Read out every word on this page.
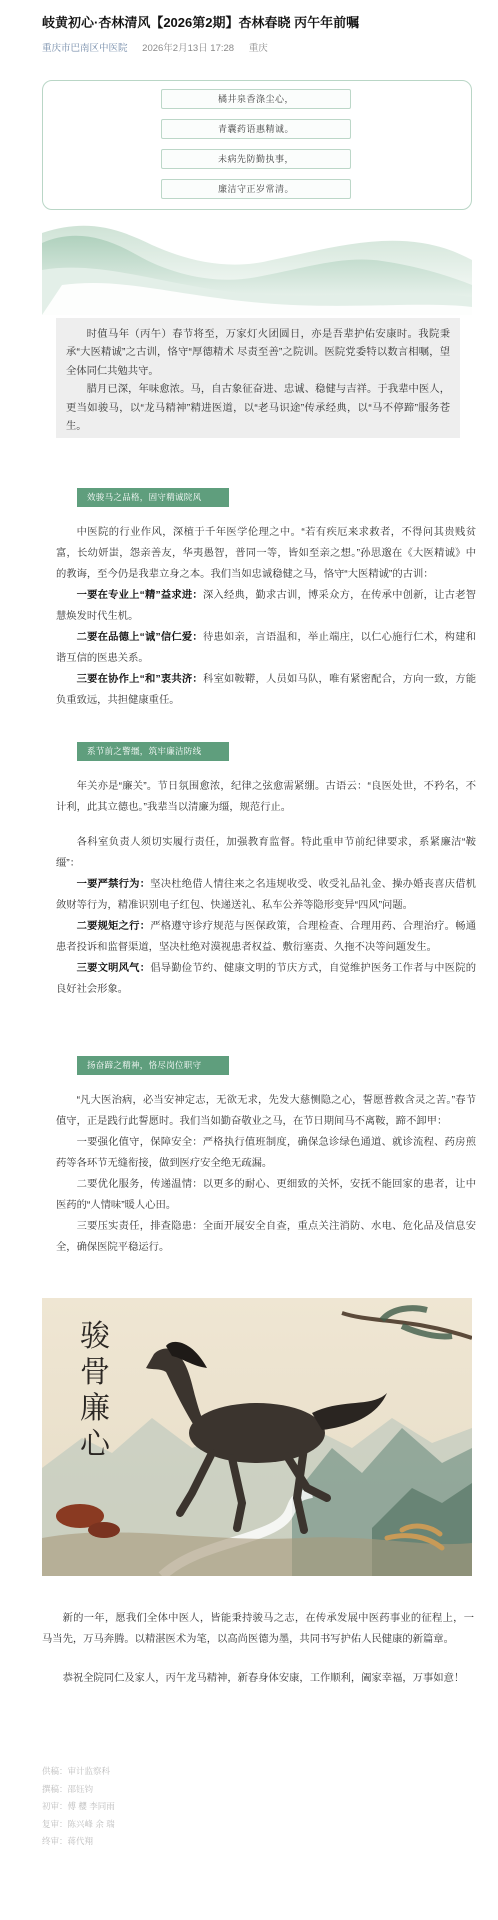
岐黄初心·杏林清风【2026第2期】杏林春晓 丙午年前嘱
重庆市巴南区中医院 2026年2月13日 17:28 重庆
橘井泉香涤尘心，
青囊药语惠精诚。
未病先防勤执事，
廉洁守正岁常清。

时值马年（丙午）春节将至，万家灯火团圆日，亦是吾辈护佑安康时。我院秉承“大医精诚”之古训，恪守“厚德精术 尽责至善”之院训。医院党委特以数言相嘱，望全体同仁共勉共守。

腊月已深，年味愈浓。马，自古象征奋进、忠诚、稳健与吉祥。于我辈中医人，更当如骏马，以“龙马精神”精进医道，以“老马识途”传承经典，以“马不停蹄”服务苍生。

效骏马之品格，固守精诚院风

中医院的行业作风，深植于千年医学伦理之中。“若有疾厄来求救者，不得问其贵贱贫富，长幼妍蚩，怨亲善友，华夷愚智，普同一等，皆如至亲之想。”孙思邈在《大医精诚》中的教诲，至今仍是我辈立身之本。我们当如忠诚稳健之马，恪守“大医精诚”的古训：

一要在专业上“精”益求进：深入经典，勤求古训，博采众方，在传承中创新，让古老智慧焕发时代生机。

二要在品德上“诚”信仁爱：待患如亲，言语温和，举止端庄，以仁心施行仁术，构建和谐互信的医患关系。

三要在协作上“和”衷共济：科室如鞍鞯，人员如马队，唯有紧密配合，方向一致，方能负重致远，共担健康重任。

系节前之警缰，筑牢廉洁防线

年关亦是“廉关”。节日氛围愈浓，纪律之弦愈需紧绷。古语云：“良医处世，不矜名，不计利，此其立德也。”我辈当以清廉为缰，规范行止。

各科室负责人须切实履行责任，加强教育监督。特此重申节前纪律要求，系紧廉洁“鞍缰”：

一要严禁行为：坚决杜绝借人情往来之名违规收受、收受礼品礼金、操办婚丧喜庆借机敛财等行为，精准识别电子红包、快递送礼、私车公养等隐形变异“四风”问题。

二要规矩之行：严格遵守诊疗规范与医保政策，合理检查、合理用药、合理治疗。畅通患者投诉和监督渠道，坚决杜绝对漠视患者权益、敷衍塞责、久拖不决等问题发生。

三要文明风气：倡导勤俭节约、健康文明的节庆方式，自觉维护医务工作者与中医院的良好社会形象。

扬奋蹄之精神，恪尽岗位职守

“凡大医治病，必当安神定志，无欲无求，先发大慈恻隐之心，誓愿普救含灵之苦。”春节值守，正是践行此誓愿时。我们当如勤奋敬业之马，在节日期间马不离鞍，蹄不卸甲：

一要强化值守，保障安全：严格执行值班制度，确保急诊绿色通道、就诊流程、药房煎药等各环节无缝衔接，做到医疗安全绝无疏漏。

二要优化服务，传递温情：以更多的耐心、更细致的关怀，安抚不能回家的患者，让中医药的“人情味”暖人心田。

三要压实责任，排查隐患：全面开展安全自查，重点关注消防、水电、危化品及信息安全，确保医院平稳运行。

骏
骨
廉
心

新的一年，愿我们全体中医人，皆能秉持骏马之志，在传承发展中医药事业的征程上，一马当先，万马奔腾。以精湛医术为笔，以高尚医德为墨，共同书写护佑人民健康的新篇章。

恭祝全院同仁及家人，丙午龙马精神，新春身体安康，工作顺利，阖家幸福，万事如意！

供稿：审计监察科
撰稿：邵钰钧
初审：傅 櫻 李同雨
复审：陈兴峰 余 瑞
终审：蒋代翔
